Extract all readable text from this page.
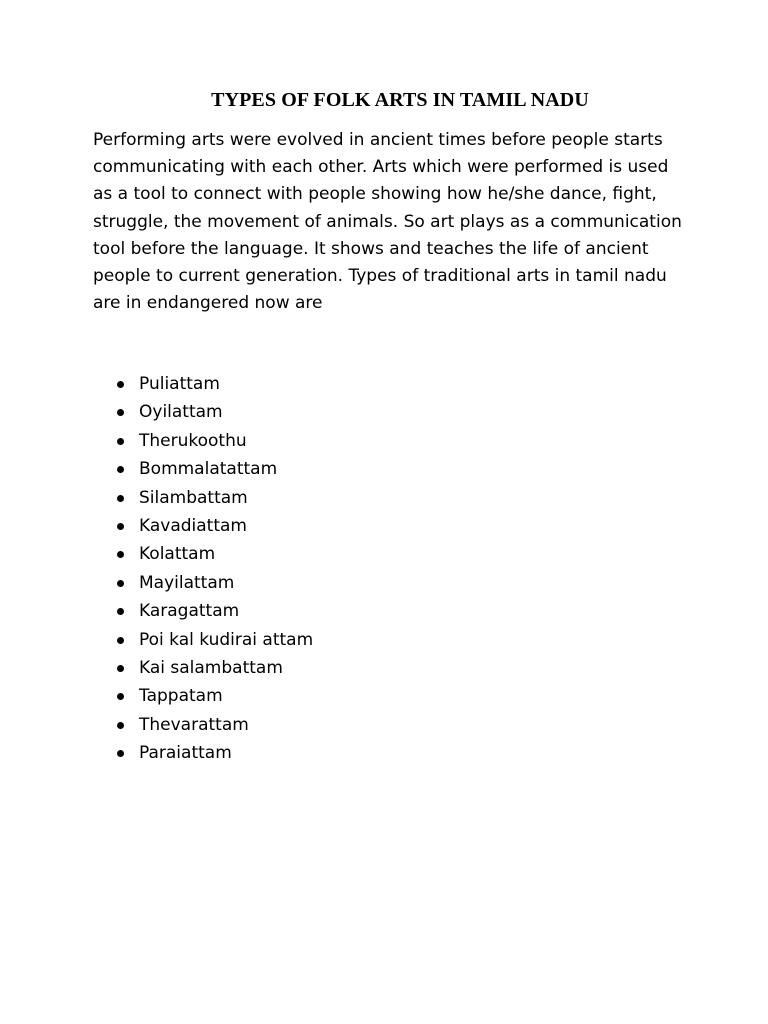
TYPES OF FOLK ARTS IN TAMIL NADU

Performing arts were evolved in ancient times before people starts
communicating with each other. Arts which were performed is used
as a tool to connect with people showing how he/she dance, fight,
struggle, the movement of animals. So art plays as a communication
tool before the language. It shows and teaches the life of ancient
people to current generation. Types of traditional arts in tamil nadu
are in endangered now are

Puliattam
Oyilattam
Therukoothu
Bommalatattam
Silambattam
Kavadiattam
Kolattam
Mayilattam
Karagattam
Poi kal kudirai attam
Kai salambattam
Tappatam
Thevarattam
Paraiattam
